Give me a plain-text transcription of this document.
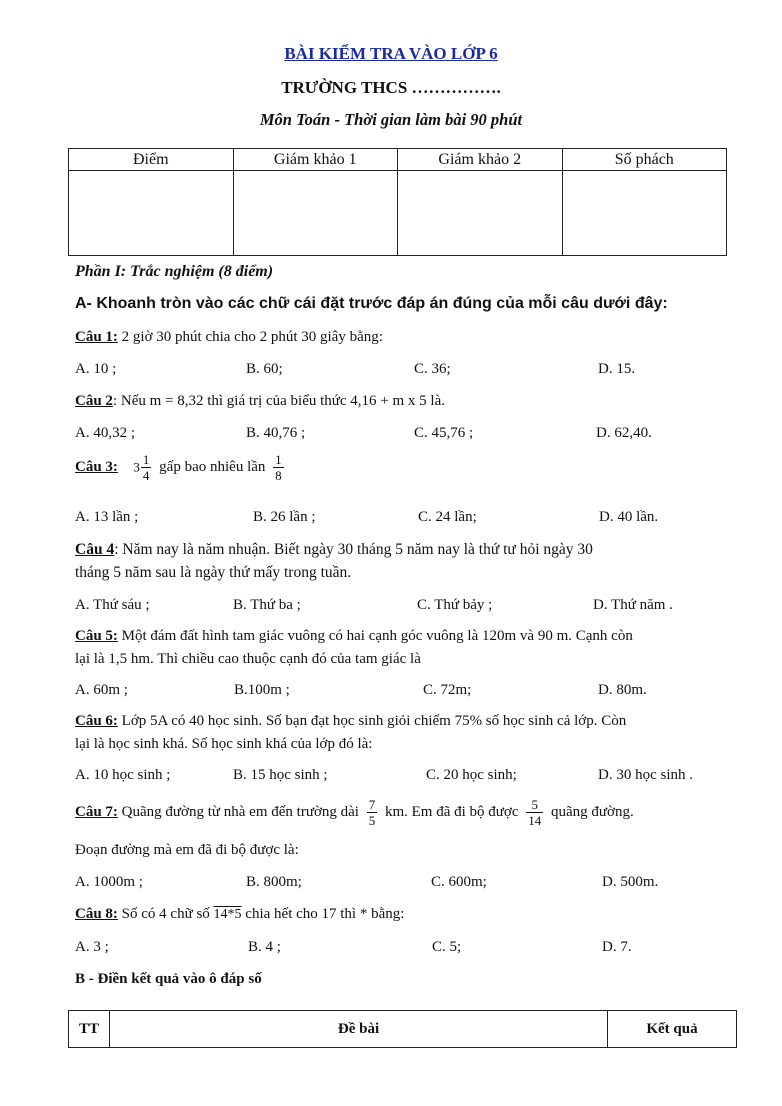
BÀI KIỂM TRA VÀO LỚP 6
TRƯỜNG THCS …………….
Môn Toán - Thời gian làm bài 90 phút
Điểm	Giám khảo 1	Giám khảo 2	Số phách

Phần I: Trắc nghiệm (8 điểm)
A- Khoanh tròn vào các chữ cái đặt trước đáp án đúng của mỗi câu dưới đây:
Câu 1: 2 giờ 30 phút chia cho 2 phút 30 giây bằng:
A. 10 ;	B. 60;	C. 36;	D. 15.
Câu 2: Nếu m = 8,32 thì giá trị của biểu thức 4,16 + m x 5 là.
A. 40,32 ;	B. 40,76 ;	C. 45,76 ;	D. 62,40.
Câu 3: $3 \frac{1}{4}$ gấp bao nhiêu lần $\frac{1}{8}$
A. 13 lần ;	B. 26 lần ;	C. 24 lần;	D. 40 lần.
Câu 4: Năm nay là năm nhuận. Biết ngày 30 tháng 5 năm nay là thứ tư hỏi ngày 30
tháng 5 năm sau là ngày thứ mấy trong tuần.
A. Thứ sáu ;	B. Thứ ba ;	C. Thứ bảy ;	D. Thứ năm .
Câu 5: Một đám đất hình tam giác vuông có hai cạnh góc vuông là 120m và 90 m. Cạnh còn
lại là 1,5 hm. Thì chiều cao thuộc cạnh đó của tam giác là
A. 60m ;	B.100m ;	C. 72m;	D. 80m.
Câu 6: Lớp 5A có 40 học sinh. Số bạn đạt học sinh giỏi chiếm 75% số học sinh cả lớp. Còn
lại là học sinh khá. Số học sinh khá của lớp đó là:
A. 10 học sinh ;	B. 15 học sinh ;	C. 20 học sinh;	D. 30 học sinh .
Câu 7: Quãng đường từ nhà em đến trường dài $\frac{7}{5}$ km. Em đã đi bộ được $\frac{5}{14}$ quãng đường.
Đoạn đường mà em đã đi bộ được là:
A. 1000m ;	B. 800m;	C. 600m;	D. 500m.
Câu 8: Số có 4 chữ số 14*5 chia hết cho 17 thì * bằng:
A. 3 ;	B. 4 ;	C. 5;	D. 7.
B - Điền kết quả vào ô đáp số
TT	Đề bài	Kết quả
